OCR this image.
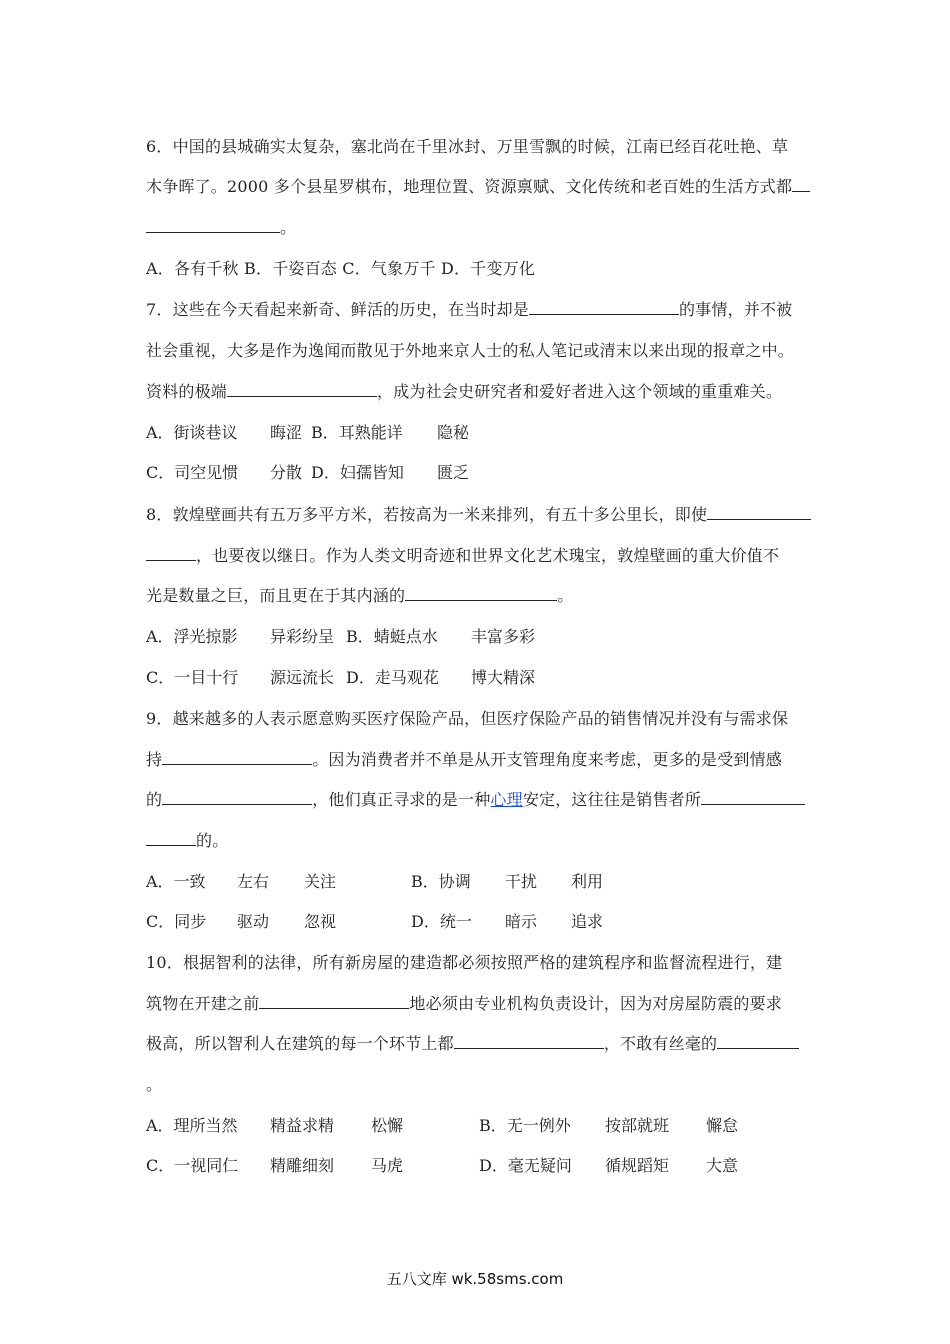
6．中国的县城确实太复杂，塞北尚在千里冰封、万里雪飘的时候，江南已经百花吐艳、草
木争晖了。2000 多个县星罗棋布，地理位置、资源禀赋、文化传统和老百姓的生活方式都
。
A．各有千秋 B．千姿百态 C．气象万千 D．千变万化
7．这些在今天看起来新奇、鲜活的历史，在当时却是	的事情，并不被
社会重视，大多是作为逸闻而散见于外地来京人士的私人笔记或清末以来出现的报章之中。
资料的极端	，成为社会史研究者和爱好者进入这个领域的重重难关。
A．街谈巷议 晦涩 B．耳熟能详 隐秘
C．司空见惯 分散 D．妇孺皆知 匮乏
8．敦煌壁画共有五万多平方米，若按高为一米来排列，有五十多公里长，即使
，也要夜以继日。作为人类文明奇迹和世界文化艺术瑰宝，敦煌壁画的重大价值不
光是数量之巨，而且更在于其内涵的	。
A．浮光掠影 异彩纷呈 B．蜻蜓点水 丰富多彩
C．一目十行 源远流长 D．走马观花 博大精深
9．越来越多的人表示愿意购买医疗保险产品，但医疗保险产品的销售情况并没有与需求保
持	。因为消费者并不单是从开支管理角度来考虑，更多的是受到情感
的	，他们真正寻求的是一种心理安定，这往往是销售者所
的。
A．一致 左右 关注	B．协调 干扰 利用
C．同步 驱动 忽视	D．统一 暗示 追求
10．根据智利的法律，所有新房屋的建造都必须按照严格的建筑程序和监督流程进行，建
筑物在开建之前	地必须由专业机构负责设计，因为对房屋防震的要求
极高，所以智利人在建筑的每一个环节上都	，不敢有丝毫的
。
A．理所当然 精益求精 松懈	B．无一例外 按部就班 懈怠
C．一视同仁 精雕细刻 马虎	D．毫无疑问 循规蹈矩 大意
五八文库 wk.58sms.com
